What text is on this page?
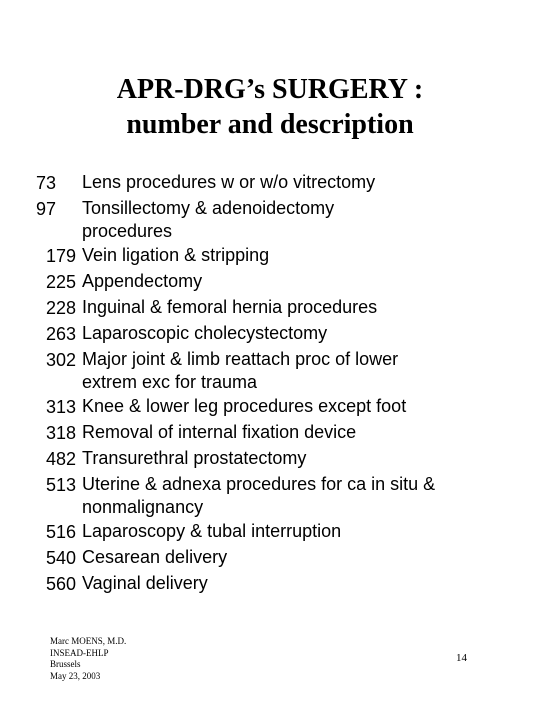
APR-DRG’s SURGERY :
number and description
73	Lens procedures w or w/o vitrectomy
97	Tonsillectomy & adenoidectomy
procedures
179 Vein ligation & stripping
225 Appendectomy
228 Inguinal & femoral hernia procedures
263 Laparoscopic cholecystectomy
302 Major joint & limb reattach proc of lower
extrem exc for trauma
313 Knee & lower leg procedures except foot
318 Removal of internal fixation device
482 Transurethral prostatectomy
513 Uterine & adnexa procedures for ca in situ &
nonmalignancy
516 Laparoscopy & tubal interruption
540 Cesarean delivery
560 Vaginal delivery
Marc MOENS, M.D.
INSEAD-EHLP
Brussels
May 23, 2003
14
